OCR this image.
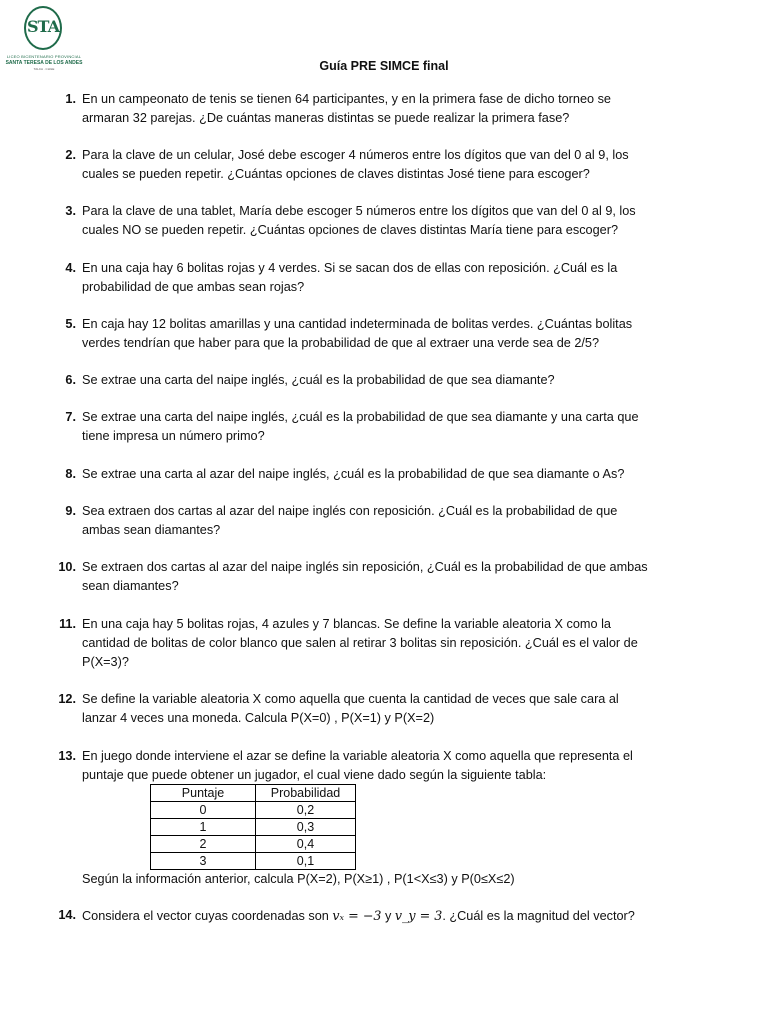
STA
LICEO BICENTENARIO PROVINCIAL
SANTA TERESA DE LOS ANDES
TALCA · CHILE	Guía PRE SIMCE final
1. En un campeonato de tenis se tienen 64 participantes, y en la primera fase de dicho torneo se armaran 32 parejas. ¿De cuántas maneras distintas se puede realizar la primera fase?
2. Para la clave de un celular, José debe escoger 4 números entre los dígitos que van del 0 al 9, los cuales se pueden repetir. ¿Cuántas opciones de claves distintas José tiene para escoger?
3. Para la clave de una tablet, María debe escoger 5 números entre los dígitos que van del 0 al 9, los cuales NO se pueden repetir. ¿Cuántas opciones de claves distintas María tiene para escoger?
4. En una caja hay 6 bolitas rojas y 4 verdes. Si se sacan dos de ellas con reposición. ¿Cuál es la probabilidad de que ambas sean rojas?
5. En caja hay 12 bolitas amarillas y una cantidad indeterminada de bolitas verdes. ¿Cuántas bolitas verdes tendrían que haber para que la probabilidad de que al extraer una verde sea de 2/5?
6. Se extrae una carta del naipe inglés, ¿cuál es la probabilidad de que sea diamante?
7. Se extrae una carta del naipe inglés, ¿cuál es la probabilidad de que sea diamante y una carta que tiene impresa un número primo?
8. Se extrae una carta al azar del naipe inglés, ¿cuál es la probabilidad de que sea diamante o As?
9. Sea extraen dos cartas al azar del naipe inglés con reposición. ¿Cuál es la probabilidad de que ambas sean diamantes?
10. Se extraen dos cartas al azar del naipe inglés sin reposición, ¿Cuál es la probabilidad de que ambas sean diamantes?
11. En una caja hay 5 bolitas rojas, 4 azules y 7 blancas. Se define la variable aleatoria X como la cantidad de bolitas de color blanco que salen al retirar 3 bolitas sin reposición. ¿Cuál es el valor de P(X=3)?
12. Se define la variable aleatoria X como aquella que cuenta la cantidad de veces que sale cara al lanzar 4 veces una moneda. Calcula P(X=0) , P(X=1) y P(X=2)
13. En juego donde interviene el azar se define la variable aleatoria X como aquella que representa el puntaje que puede obtener un jugador, el cual viene dado según la siguiente tabla:
Puntaje	Probabilidad
0	0,2
1	0,3
2	0,4
3	0,1
Según la información anterior, calcula P(X=2), P(X≥1) , P(1<X≤3) y P(0≤X≤2)
14. Considera el vector cuyas coordenadas son vₓ = −3 y v_y = 3. ¿Cuál es la magnitud del vector?
